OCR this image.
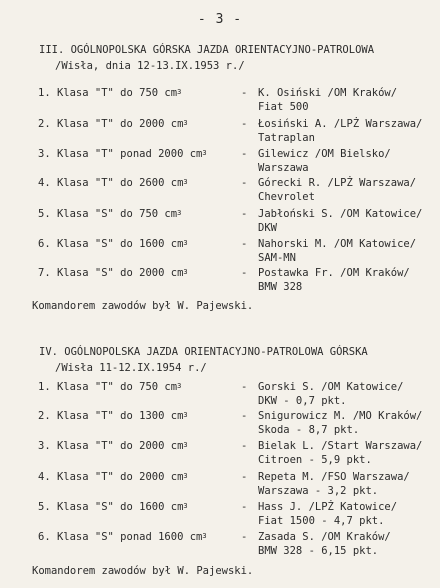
- 3 -
III. OGÓLNOPOLSKA GÓRSKA JAZDA ORIENTACYJNO-PATROLOWA
/Wisła, dnia 12-13.IX.1953 r./
1. Klasa "T" do 750 $cm^3$	- K. Osiński /OM Kraków/
Fiat 500
2. Klasa "T" do 2000 $cm^3$	- Łosiński A. /LPŻ Warszawa/
Tatraplan
3. Klasa "T" ponad 2000 $cm^3$	- Gilewicz /OM Bielsko/
Warszawa
4. Klasa "T" do 2600 $cm^3$	- Górecki R. /LPŻ Warszawa/
Chevrolet
5. Klasa "S" do 750 $cm^3$	- Jabłoński S. /OM Katowice/
DKW
6. Klasa "S" do 1600 $cm^3$	- Nahorski M. /OM Katowice/
SAM-MN
7. Klasa "S" do 2000 $cm^3$	- Postawka Fr. /OM Kraków/
BMW 328
Komandorem zawodów był W. Pajewski.
IV. OGÓLNOPOLSKA JAZDA ORIENTACYJNO-PATROLOWA GÓRSKA
/Wisła 11-12.IX.1954 r./
1. Klasa "T" do 750 $cm^3$	- Gorski S. /OM Katowice/
DKW - 0,7 pkt.
2. Klasa "T" do 1300 $cm^3$	- Snigurowicz M. /MO Kraków/
Skoda - 8,7 pkt.
3. Klasa "T" do 2000 $cm^3$	- Bielak L. /Start Warszawa/
Citroen - 5,9 pkt.
4. Klasa "T" do 2000 $cm^3$	- Repeta M. /FSO Warszawa/
Warszawa - 3,2 pkt.
5. Klasa "S" do 1600 $cm^3$	- Hass J. /LPŻ Katowice/
Fiat 1500 - 4,7 pkt.
6. Klasa "S" ponad 1600 $cm^3$	- Zasada S. /OM Kraków/
BMW 328 - 6,15 pkt.
Komandorem zawodów był W. Pajewski.
